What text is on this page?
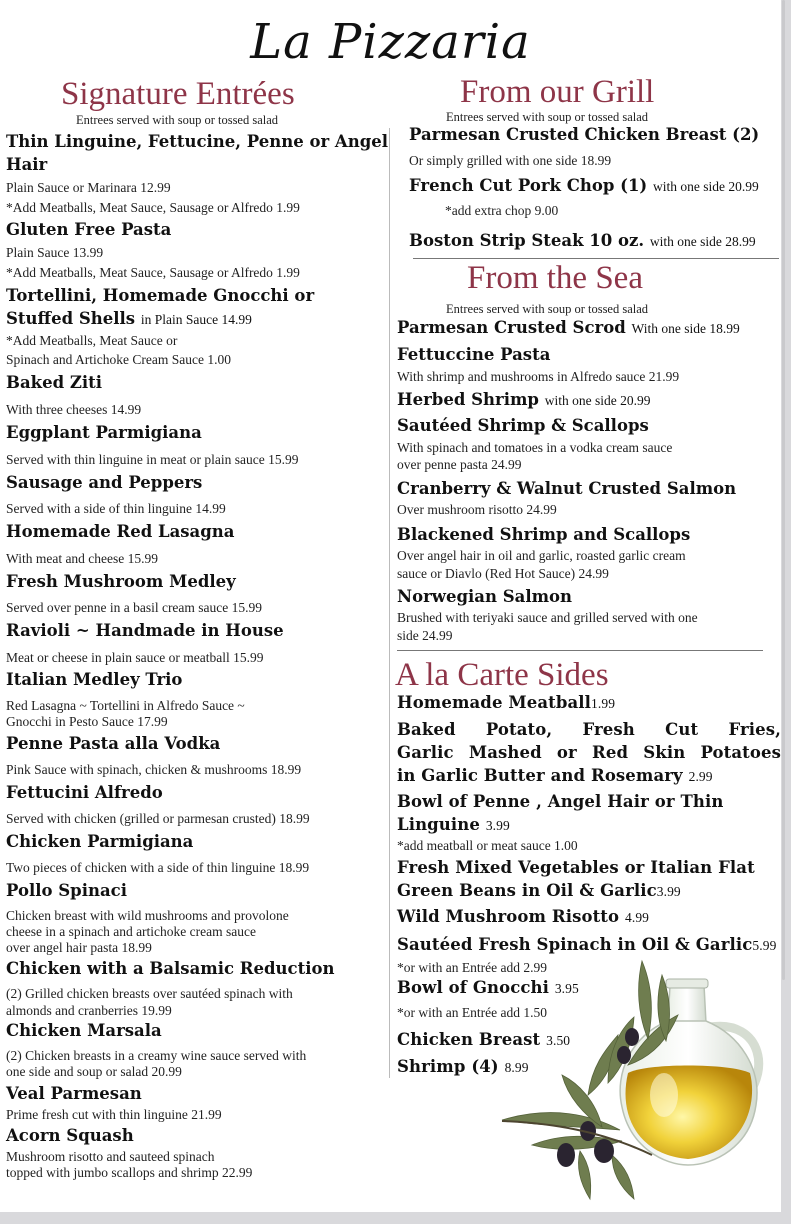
La Pizzaria
Signature Entrées
Entrees served with soup or tossed salad
Thin Linguine, Fettucine, Penne or Angel
Hair
Plain Sauce or Marinara 12.99
*Add Meatballs, Meat Sauce, Sausage or Alfredo 1.99
Gluten Free Pasta
Plain Sauce 13.99
*Add Meatballs, Meat Sauce, Sausage or Alfredo 1.99
Tortellini, Homemade Gnocchi or
Stuffed Shells in Plain Sauce 14.99
*Add Meatballs, Meat Sauce or
Spinach and Artichoke Cream Sauce 1.00
Baked Ziti
With three cheeses 14.99
Eggplant Parmigiana
Served with thin linguine in meat or plain sauce 15.99
Sausage and Peppers
Served with a side of thin linguine 14.99
Homemade Red Lasagna
With meat and cheese 15.99
Fresh Mushroom Medley
Served over penne in a basil cream sauce 15.99
Ravioli ~ Handmade in House
Meat or cheese in plain sauce or meatball 15.99
Italian Medley Trio
Red Lasagna ~ Tortellini in Alfredo Sauce ~
Gnocchi in Pesto Sauce 17.99
Penne Pasta alla Vodka
Pink Sauce with spinach, chicken & mushrooms 18.99
Fettucini Alfredo
Served with chicken (grilled or parmesan crusted) 18.99
Chicken Parmigiana
Two pieces of chicken with a side of thin linguine 18.99
Pollo Spinaci
Chicken breast with wild mushrooms and provolone
cheese in a spinach and artichoke cream sauce
over angel hair pasta 18.99
Chicken with a Balsamic Reduction
(2) Grilled chicken breasts over sautéed spinach with
almonds and cranberries 19.99
Chicken Marsala
(2) Chicken breasts in a creamy wine sauce served with
one side and soup or salad 20.99
Veal Parmesan
Prime fresh cut with thin linguine 21.99
Acorn Squash
Mushroom risotto and sauteed spinach
topped with jumbo scallops and shrimp 22.99
From our Grill
Entrees served with soup or tossed salad
Parmesan Crusted Chicken Breast (2)
Or simply grilled with one side 18.99
French Cut Pork Chop (1) with one side 20.99
*add extra chop 9.00
Boston Strip Steak 10 oz. with one side 28.99
From the Sea
Entrees served with soup or tossed salad
Parmesan Crusted Scrod With one side 18.99
Fettuccine Pasta
With shrimp and mushrooms in Alfredo sauce 21.99
Herbed Shrimp with one side 20.99
Sautéed Shrimp & Scallops
With spinach and tomatoes in a vodka cream sauce
over penne pasta 24.99
Cranberry & Walnut Crusted Salmon
Over mushroom risotto 24.99
Blackened Shrimp and Scallops
Over angel hair in oil and garlic, roasted garlic cream
sauce or Diavlo (Red Hot Sauce) 24.99
Norwegian Salmon
Brushed with teriyaki sauce and grilled served with one
side 24.99
A la Carte Sides
Homemade Meatball1.99
Baked Potato, Fresh Cut Fries,
Garlic Mashed or Red Skin Potatoes
in Garlic Butter and Rosemary 2.99
Bowl of Penne , Angel Hair or Thin
Linguine 3.99
*add meatball or meat sauce 1.00
Fresh Mixed Vegetables or Italian Flat
Green Beans in Oil & Garlic3.99
Wild Mushroom Risotto 4.99
Sautéed Fresh Spinach in Oil & Garlic5.99
*or with an Entrée add 2.99
Bowl of Gnocchi 3.95
*or with an Entrée add 1.50
Chicken Breast 3.50
Shrimp (4) 8.99
